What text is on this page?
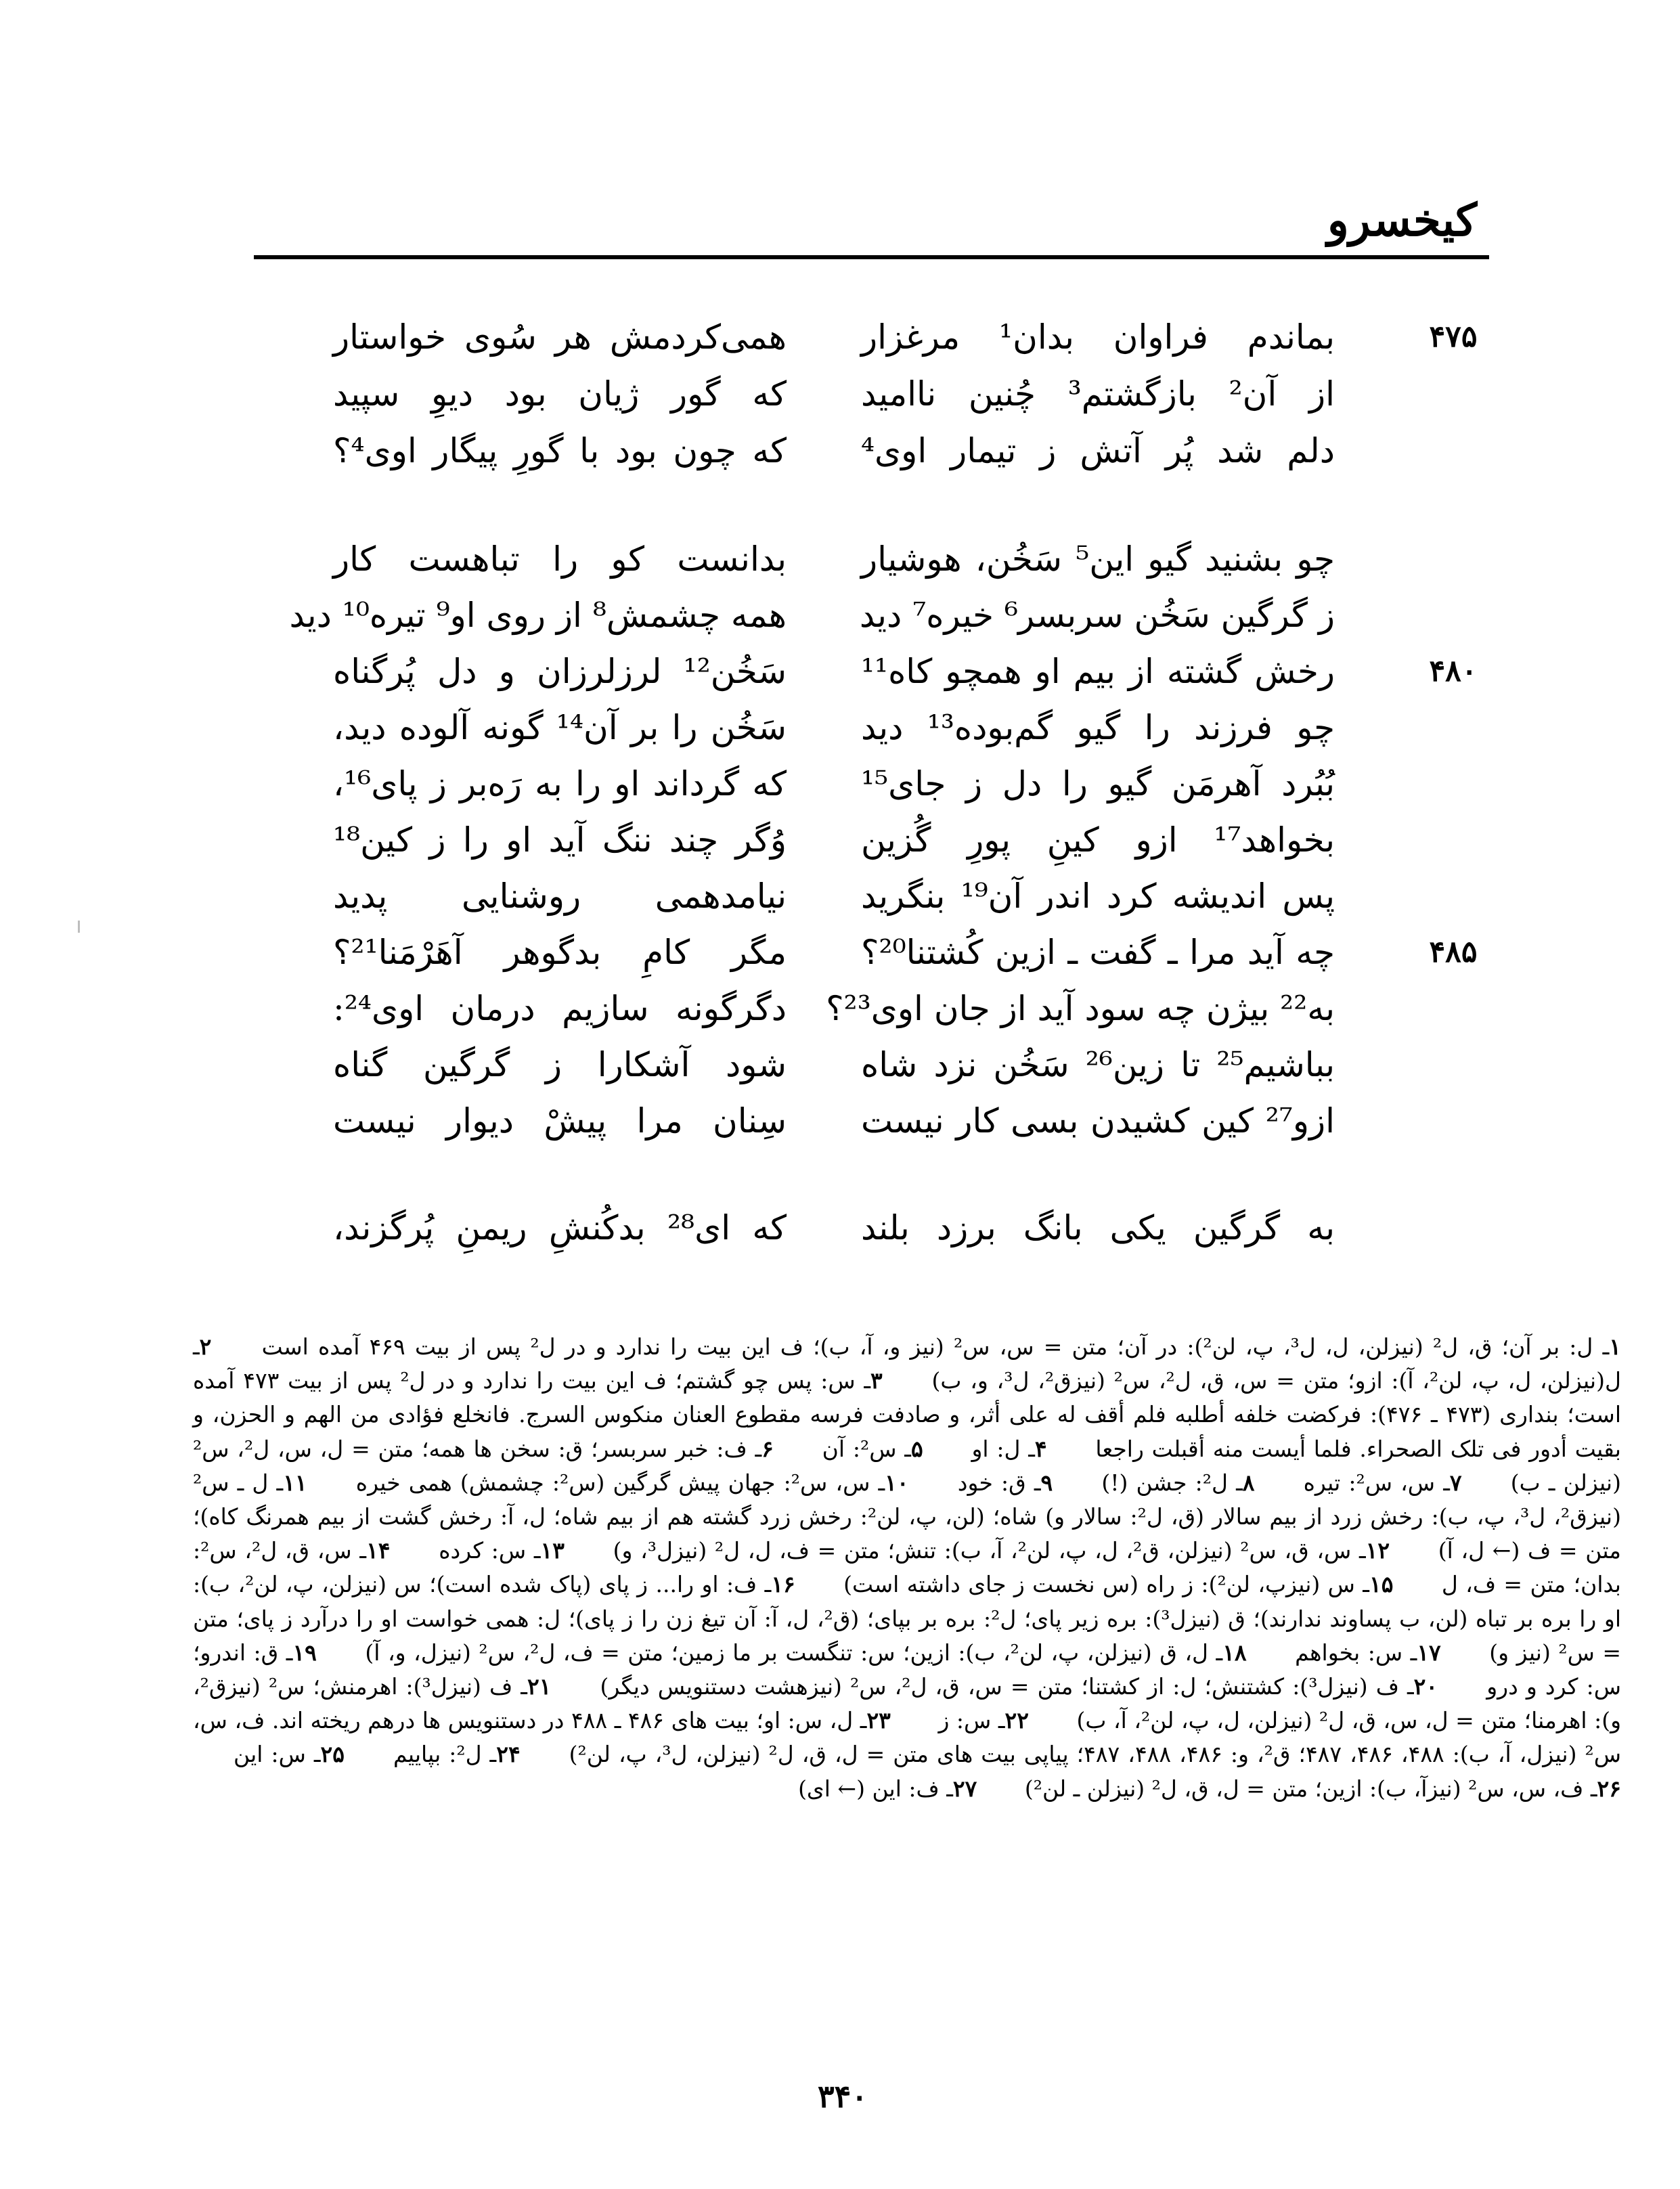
کیخسرو
۴۷۵
بماندم فراوان بدان¹ مرغزار
همی‌کردمش هر سُوی خواستار
از آن² بازگشتم³ چُنین ناامید
که گور ژیان بود دیوِ سپید
دلم شد پُر آتش ز تیمار اوی⁴
که چون بود با گورِ پیگار اوی⁴؟
چو بشنید گیو این⁵ سَخُن، هوشیار
بدانست کو را تباهست کار
ز گرگین سَخُن سربسر⁶ خیره⁷ دید
همه چشمش⁸ از روی او⁹ تیره¹⁰ دید
۴۸۰
رخش گشته از بیم او همچو کاه¹¹
سَخُن¹² لرزلرزان و دل پُرگناه
چو فرزند را گیو گم‌بوده¹³ دید
سَخُن را بر آن¹⁴ گونه آلوده دید،
بُبُرد آهرمَن گیو را دل ز جای¹⁵
که گرداند او را به رَه‌بر ز پای¹⁶،
بخواهد¹⁷ ازو کینِ پورِ گُزین
وُگر چند ننگ آید او را ز کین¹⁸
پس اندیشه کرد اندر آن¹⁹ بنگرید
نیامدهمی روشنایی پدید
۴۸۵
چه آید مرا ـ گفت ـ ازین کُشتنا²⁰؟
مگر کامِ بدگوهر آهَرْمَنا²¹؟
به²² بیژن چه سود آید از جان اوی²³؟
دگرگونه سازیم درمان اوی²⁴:
بباشیم²⁵ تا زین²⁶ سَخُن نزد شاه
شود آشکارا ز گرگین گناه
ازو²⁷ کین کشیدن بسی کار نیست
سِنان مرا پیشْ دیوار نیست
به گرگین یکی بانگ برزد بلند
که ای²⁸ بدکُنشِ ریمنِ پُرگزند،
۱ـ ل: بر آن؛ ق، ل² (نیزلن، ل، ل³، پ، لن²): در آن؛ متن = س، س² (نیز و، آ، ب)؛ ف این بیت را ندارد و در ل² پس از بیت ۴۶۹ آمده است ۲ـ ل(نیزلن، ل، پ، لن²، آ): ازو؛ متن = س، ق، ل²، س² (نیزق²، ل³، و، ب) ۳ـ س: پس چو گشتم؛ ف این بیت را ندارد و در ل² پس از بیت ۴۷۳ آمده است؛ بنداری (۴۷۳ ـ ۴۷۶): فرکضت خلفه أطلبه فلم أقف له علی أثر، و صادفت فرسه مقطوع العنان منکوس السرج. فانخلع فؤادی من الهم و الحزن، و بقیت أدور فی تلک الصحراء. فلما أیست منه أقبلت راجعا ۴ـ ل: او ۵ـ س²: آن ۶ـ ف: خبر سربسر؛ ق: سخن ها همه؛ متن = ل، س، ل²، س² (نیزلن ـ ب) ۷ـ س، س²: تیره ۸ـ ل²: جشن (!) ۹ـ ق: خود ۱۰ـ س، س²: جهان پیش گرگین (س²: چشمش) همی خیره ۱۱ـ ل ـ س² (نیزق²، ل³، پ، ب): رخش زرد از بیم سالار (ق، ل²: سالار و) شاه؛ (لن، پ، لن²: رخش زرد گشته هم از بیم شاه؛ ل، آ: رخش گشت از بیم همرنگ کاه)؛ متن = ف (← ل، آ) ۱۲ـ س، ق، س² (نیزلن، ق²، ل، پ، لن²، آ، ب): تنش؛ متن = ف، ل، ل² (نیزل³، و) ۱۳ـ س: کرده ۱۴ـ س، ق، ل²، س²: بدان؛ متن = ف، ل ۱۵ـ س (نیزپ، لن²): ز راه (س نخست ز جای داشته است) ۱۶ـ ف: او را... ز پای (پاک شده است)؛ س (نیزلن، پ، لن²، ب): او را بره بر تباه (لن، ب پساوند ندارند)؛ ق (نیزل³): بره زیر پای؛ ل²: بره بر بپای؛ (ق²، ل، آ: آن تیغ زن را ز پای)؛ ل: همی خواست او را درآرد ز پای؛ متن = س² (نیز و) ۱۷ـ س: بخواهم ۱۸ـ ل، ق (نیزلن، پ، لن²، ب): ازین؛ س: تنگست بر ما زمین؛ متن = ف، ل²، س² (نیزل، و، آ) ۱۹ـ ق: اندرو؛ س: کرد و درو ۲۰ـ ف (نیزل³): کشتنش؛ ل: از کشتنا؛ متن = س، ق، ل²، س² (نیزهشت دستنویس دیگر) ۲۱ـ ف (نیزل³): اهرمنش؛ س² (نیزق²، و): اهرمنا؛ متن = ل، س، ق، ل² (نیزلن، ل، پ، لن²، آ، ب) ۲۲ـ س: ز ۲۳ـ ل، س: او؛ بیت های ۴۸۶ ـ ۴۸۸ در دستنویس ها درهم ریخته اند. ف، س، س² (نیزل، آ، ب): ۴۸۸، ۴۸۶، ۴۸۷؛ ق²، و: ۴۸۶، ۴۸۸، ۴۸۷؛ پیاپی بیت های متن = ل، ق، ل² (نیزلن، ل³، پ، لن²) ۲۴ـ ل²: بپاییم ۲۵ـ س: این ۲۶ـ ف، س، س² (نیزآ، ب): ازین؛ متن = ل، ق، ل² (نیزلن ـ لن²) ۲۷ـ ف: این (← ای)
۳۴۰
